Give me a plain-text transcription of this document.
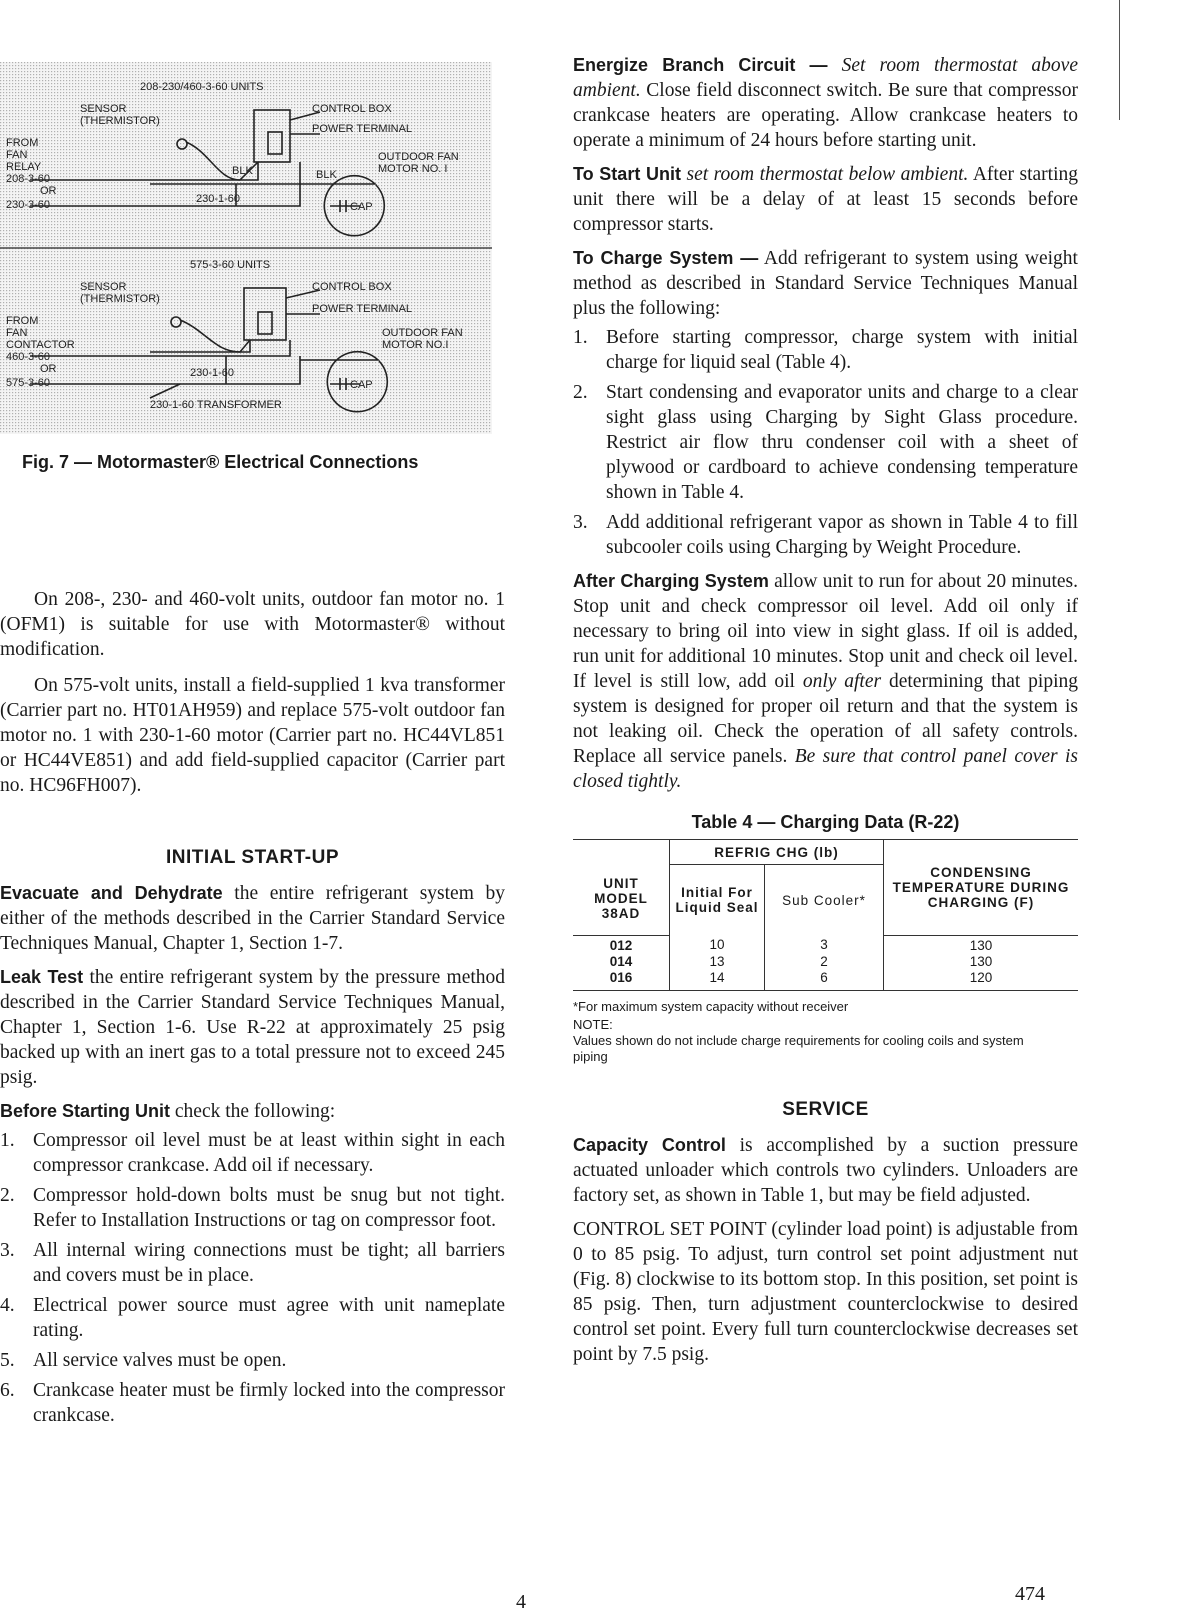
208-230/460-3-60 UNITS
SENSOR
(THERMISTOR)
CONTROL BOX
POWER TERMINAL
FROM
FAN
RELAY
208-3-60
OR
230-3-60
BLK	BLK
230-1-60
OUTDOOR FAN
MOTOR NO. I
CAP
575-3-60 UNITS
SENSOR
(THERMISTOR)
CONTROL BOX
POWER TERMINAL
FROM
FAN
CONTACTOR
460-3-60
OR
575-3-60
230-1-60
OUTDOOR FAN
MOTOR NO.I
CAP
230-1-60 TRANSFORMER
Fig. 7 — Motormaster® Electrical Connections

On 208-, 230- and 460-volt units, outdoor fan motor no. 1 (OFM1) is suitable for use with Motormaster® without modification.

On 575-volt units, install a field-supplied 1 kva transformer (Carrier part no. HT01AH959) and replace 575-volt outdoor fan motor no. 1 with 230-1-60 motor (Carrier part no. HC44VL851 or HC44VE851) and add field-supplied capacitor (Carrier part no. HC96FH007).

INITIAL START-UP

Evacuate and Dehydrate the entire refrigerant system by either of the methods described in the Carrier Standard Service Techniques Manual, Chapter 1, Section 1-7.

Leak Test the entire refrigerant system by the pressure method described in the Carrier Standard Service Techniques Manual, Chapter 1, Section 1-6. Use R-22 at approximately 25 psig backed up with an inert gas to a total pressure not to exceed 245 psig.

Before Starting Unit check the following:

1. Compressor oil level must be at least within sight in each compressor crankcase. Add oil if necessary.
2. Compressor hold-down bolts must be snug but not tight. Refer to Installation Instructions or tag on compressor foot.
3. All internal wiring connections must be tight; all barriers and covers must be in place.
4. Electrical power source must agree with unit nameplate rating.
5. All service valves must be open.
6. Crankcase heater must be firmly locked into the compressor crankcase.

Energize Branch Circuit — Set room thermostat above ambient. Close field disconnect switch. Be sure that compressor crankcase heaters are operating. Allow crankcase heaters to operate a minimum of 24 hours before starting unit.

To Start Unit set room thermostat below ambient. After starting unit there will be a delay of at least 15 seconds before compressor starts.

To Charge System — Add refrigerant to system using weight method as described in Standard Service Techniques Manual plus the following:

1. Before starting compressor, charge system with initial charge for liquid seal (Table 4).
2. Start condensing and evaporator units and charge to a clear sight glass using Charging by Sight Glass procedure. Restrict air flow thru condenser coil with a sheet of plywood or cardboard to achieve condensing temperature shown in Table 4.
3. Add additional refrigerant vapor as shown in Table 4 to fill subcooler coils using Charging by Weight Procedure.

After Charging System allow unit to run for about 20 minutes. Stop unit and check compressor oil level. Add oil only if necessary to bring oil into view in sight glass. If oil is added, run unit for additional 10 minutes. Stop unit and check oil level. If level is still low, add oil only after determining that piping system is designed for proper oil return and that the system is not leaking oil. Check the operation of all safety controls. Replace all service panels. Be sure that control panel cover is closed tightly.

Table 4 — Charging Data (R-22)
UNIT MODEL 38AD	REFRIG CHG (lb)		CONDENSING TEMPERATURE DURING CHARGING (F)
	Initial For Liquid Seal	Sub Cooler*	
012	10	3	130
014	13	2	130
016	14	6	120
*For maximum system capacity without receiver
NOTE:
Values shown do not include charge requirements for cooling coils and system piping
SERVICE

Capacity Control is accomplished by a suction pressure actuated unloader which controls two cylinders. Unloaders are factory set, as shown in Table 1, but may be field adjusted.

CONTROL SET POINT (cylinder load point) is adjustable from 0 to 85 psig. To adjust, turn control set point adjustment nut (Fig. 8) clockwise to its bottom stop. In this position, set point is 85 psig. Then, turn adjustment counterclockwise to desired control set point. Every full turn counterclockwise decreases set point by 7.5 psig.

4	474
